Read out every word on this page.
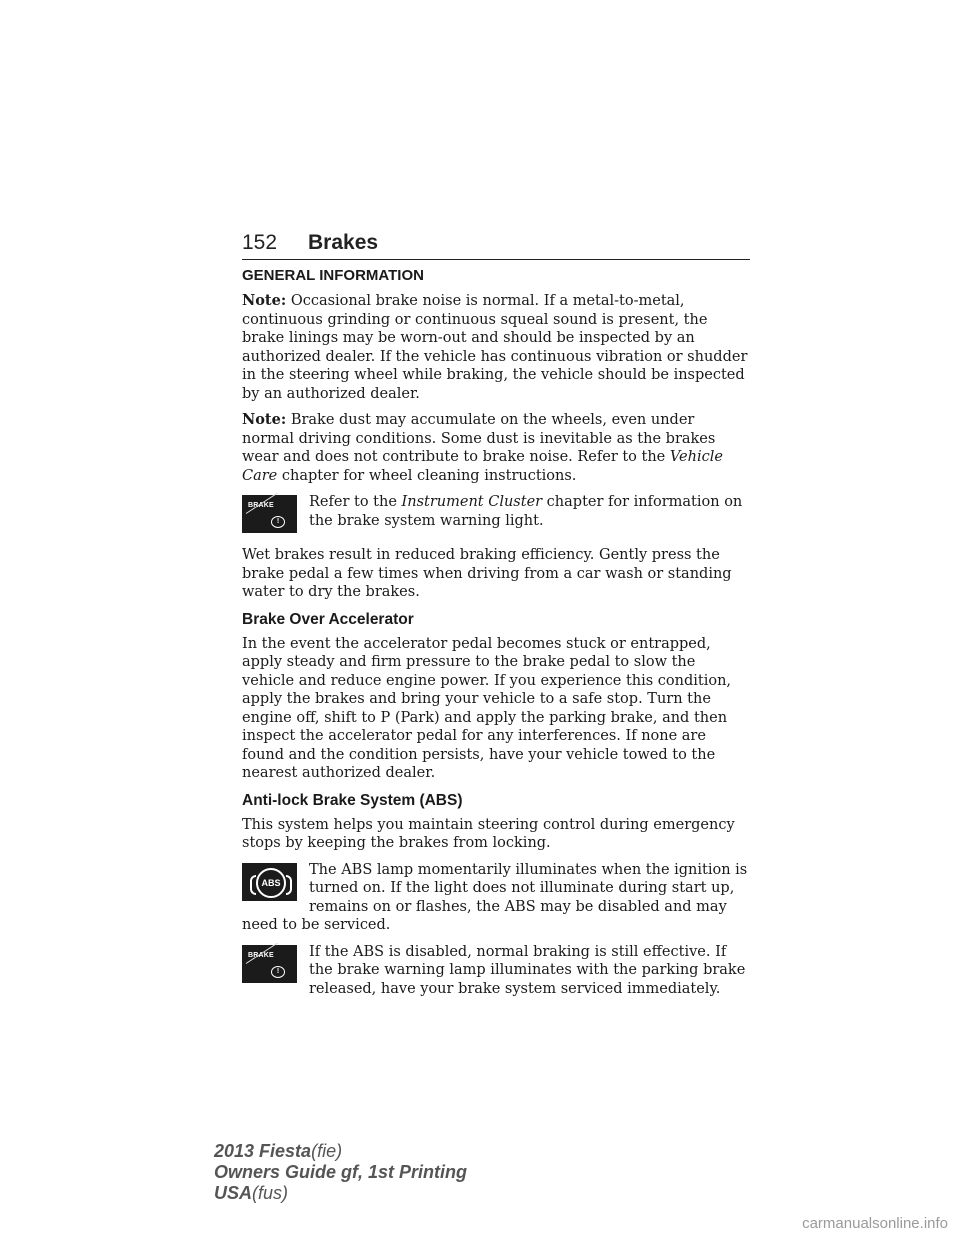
152 Brakes
GENERAL INFORMATION

Note: Occasional brake noise is normal. If a metal-to-metal, continuous grinding or continuous squeal sound is present, the brake linings may be worn-out and should be inspected by an authorized dealer. If the vehicle has continuous vibration or shudder in the steering wheel while braking, the vehicle should be inspected by an authorized dealer.

Note: Brake dust may accumulate on the wheels, even under normal driving conditions. Some dust is inevitable as the brakes wear and does not contribute to brake noise. Refer to the Vehicle Care chapter for wheel cleaning instructions.

BRAKE
!

Refer to the Instrument Cluster chapter for information on the brake system warning light.

Wet brakes result in reduced braking efficiency. Gently press the brake pedal a few times when driving from a car wash or standing water to dry the brakes.

Brake Over Accelerator

In the event the accelerator pedal becomes stuck or entrapped, apply steady and firm pressure to the brake pedal to slow the vehicle and reduce engine power. If you experience this condition, apply the brakes and bring your vehicle to a safe stop. Turn the engine off, shift to P (Park) and apply the parking brake, and then inspect the accelerator pedal for any interferences. If none are found and the condition persists, have your vehicle towed to the nearest authorized dealer.

Anti-lock Brake System (ABS)

This system helps you maintain steering control during emergency stops by keeping the brakes from locking.

ABS

The ABS lamp momentarily illuminates when the ignition is turned on. If the light does not illuminate during start up, remains on or flashes, the ABS may be disabled and may need to be serviced.

BRAKE
!

If the ABS is disabled, normal braking is still effective. If the brake warning lamp illuminates with the parking brake released, have your brake system serviced immediately.

2013 Fiesta(fie)
Owners Guide gf, 1st Printing
USA(fus)
carmanualsonline.info
